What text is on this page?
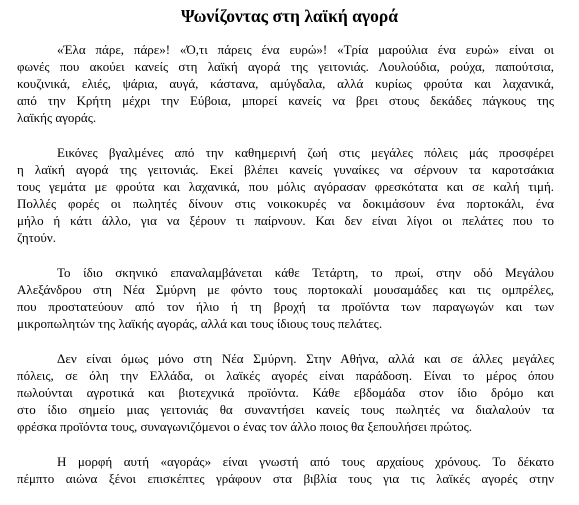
Ψωνίζοντας στη λαϊκή αγορά
«Έλα πάρε, πάρε»! «Ό,τι πάρεις ένα ευρώ»! «Τρία μαρούλια ένα ευρώ» είναι οι
φωνές που ακούει κανείς στη λαϊκή αγορά της γειτονιάς. Λουλούδια, ρούχα, παπούτσια,
κουζινικά, ελιές, ψάρια, αυγά, κάστανα, αμύγδαλα, αλλά κυρίως φρούτα και λαχανικά,
από την Κρήτη μέχρι την Εύβοια, μπορεί κανείς να βρει στους δεκάδες πάγκους της
λαϊκής αγοράς.
Εικόνες βγαλμένες από την καθημερινή ζωή στις μεγάλες πόλεις μάς προσφέρει
η λαϊκή αγορά της γειτονιάς. Εκεί βλέπει κανείς γυναίκες να σέρνουν τα καροτσάκια
τους γεμάτα με φρούτα και λαχανικά, που μόλις αγόρασαν φρεσκότατα και σε καλή τιμή.
Πολλές φορές οι πωλητές δίνουν στις νοικοκυρές να δοκιμάσουν ένα πορτοκάλι, ένα
μήλο ή κάτι άλλο, για να ξέρουν τι παίρνουν. Και δεν είναι λίγοι οι πελάτες που το
ζητούν.
Το ίδιο σκηνικό επαναλαμβάνεται κάθε Τετάρτη, το πρωί, στην οδό Μεγάλου
Αλεξάνδρου στη Νέα Σμύρνη με φόντο τους πορτοκαλί μουσαμάδες και τις ομπρέλες,
που προστατεύουν από τον ήλιο ή τη βροχή τα προϊόντα των παραγωγών και των
μικροπωλητών της λαϊκής αγοράς, αλλά και τους ίδιους τους πελάτες.
Δεν είναι όμως μόνο στη Νέα Σμύρνη. Στην Αθήνα, αλλά και σε άλλες μεγάλες
πόλεις, σε όλη την Ελλάδα, οι λαϊκές αγορές είναι παράδοση. Είναι το μέρος όπου
πωλούνται αγροτικά και βιοτεχνικά προϊόντα. Κάθε εβδομάδα στον ίδιο δρόμο και
στο ίδιο σημείο μιας γειτονιάς θα συναντήσει κανείς τους πωλητές να διαλαλούν τα
φρέσκα προϊόντα τους, συναγωνιζόμενοι ο ένας τον άλλο ποιος θα ξεπουλήσει πρώτος.
Η μορφή αυτή «αγοράς» είναι γνωστή από τους αρχαίους χρόνους. Το δέκατο
πέμπτο αιώνα ξένοι επισκέπτες γράφουν στα βιβλία τους για τις λαϊκές αγορές στην
